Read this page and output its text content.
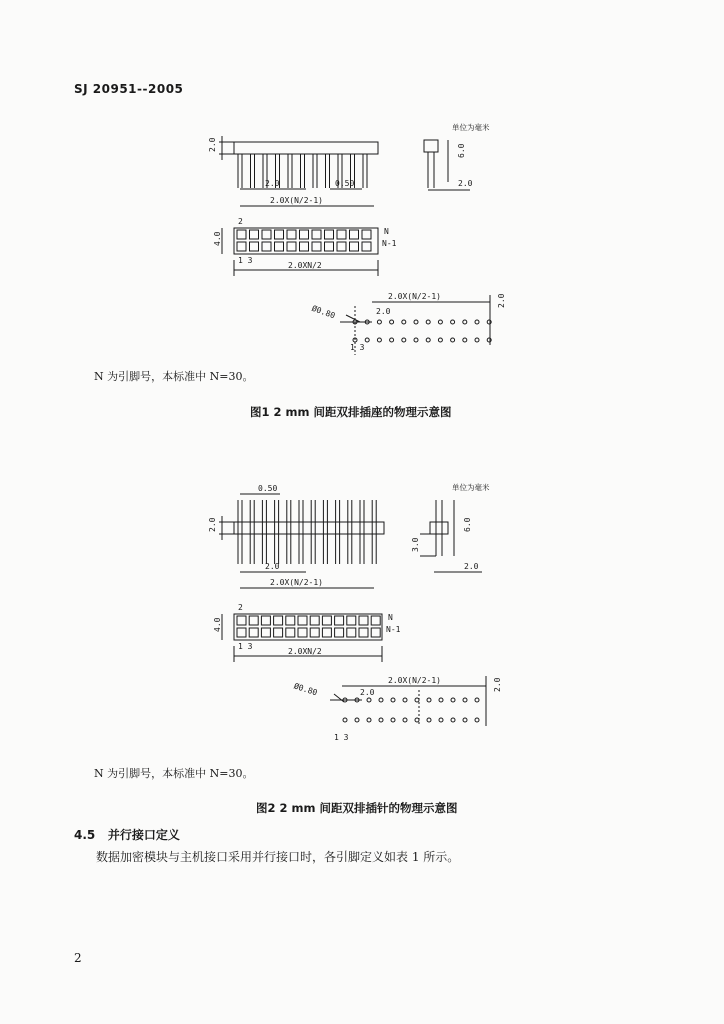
SJ 20951--2005
2.0
2.0	0.50
2.0X(N/2-1)
单位为毫米
6.0
2.0
2
N
N-1
4.0
1 3
2.0XN/2
2.0X(N/2-1)
2.0
Ø0.80
2.0
1 3
N 为引脚号，本标准中 N=30。
图1 2 mm 间距双排插座的物理示意图
0.50	单位为毫米
2.0
2.0
2.0X(N/2-1)
3.0
6.0
2.0
2
N
N-1
4.0
1 3
2.0XN/2
2.0X(N/2-1)
2.0
Ø0.80	2.0
1 3
N 为引脚号，本标准中 N=30。
图2 2 mm 间距双排插针的物理示意图
4.5 并行接口定义
数据加密模块与主机接口采用并行接口时，各引脚定义如表 1 所示。
2
